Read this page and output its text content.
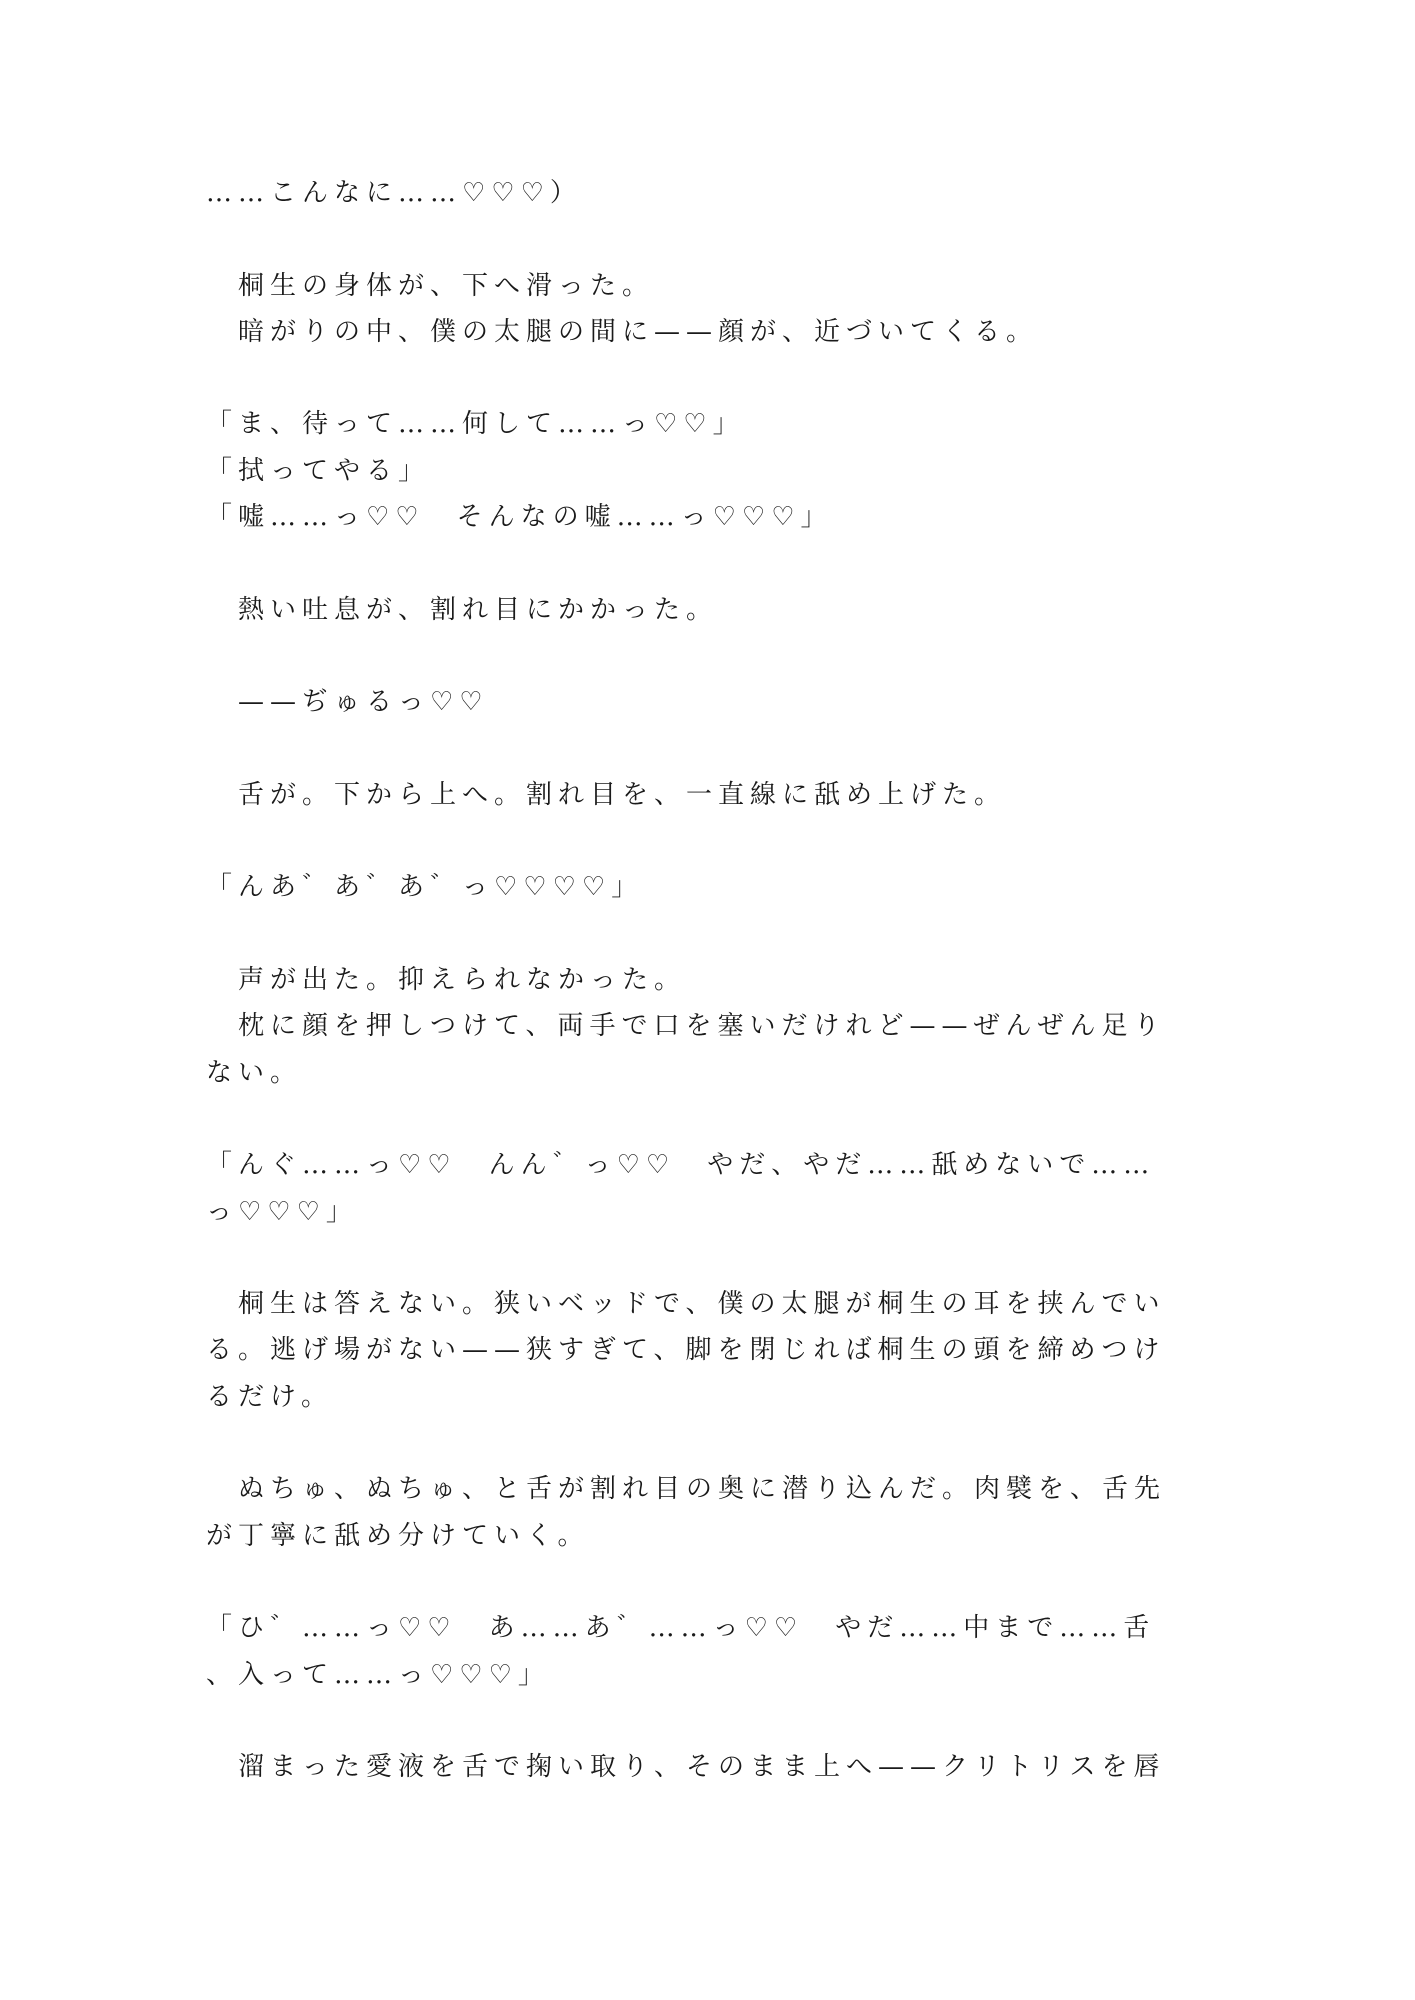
……こんなに……♡♡♡）
　桐生の身体が、下へ滑った。
　暗がりの中、僕の太腿の間に——顔が、近づいてくる。
「ま、待って……何して……っ♡♡」
「拭ってやる」
「嘘……っ♡♡　そんなの嘘……っ♡♡♡」
　熱い吐息が、割れ目にかかった。
　——ぢゅるっ♡♡
　舌が。下から上へ。割れ目を、一直線に舐め上げた。
「んあ゛あ゛あ゛っ♡♡♡♡」
　声が出た。抑えられなかった。
　枕に顔を押しつけて、両手で口を塞いだけれど——ぜんぜん足り
ない。
「んぐ……っ♡♡　んん゛っ♡♡　やだ、やだ……舐めないで……
っ♡♡♡」
　桐生は答えない。狭いベッドで、僕の太腿が桐生の耳を挟んでい
る。逃げ場がない——狭すぎて、脚を閉じれば桐生の頭を締めつけ
るだけ。
　ぬちゅ、ぬちゅ、と舌が割れ目の奥に潜り込んだ。肉襞を、舌先
が丁寧に舐め分けていく。
「ひ゛……っ♡♡　あ……あ゛……っ♡♡　やだ……中まで……舌
、入って……っ♡♡♡」
　溜まった愛液を舌で掬い取り、そのまま上へ——クリトリスを唇
